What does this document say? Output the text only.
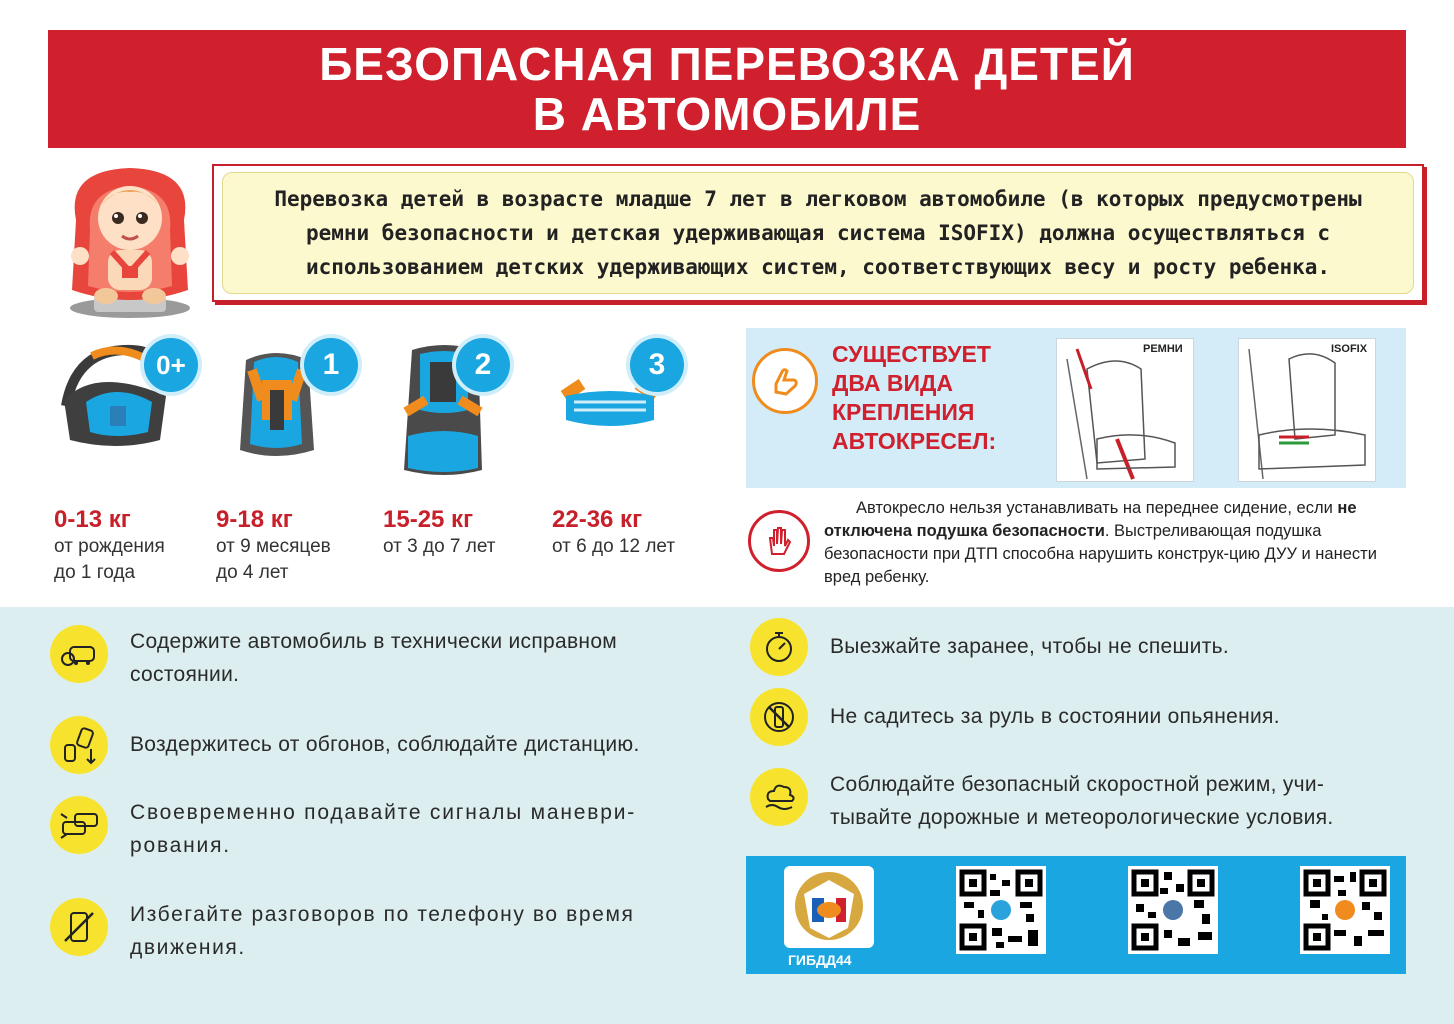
БЕЗОПАСНАЯ ПЕРЕВОЗКА ДЕТЕЙ
В АВТОМОБИЛЕ
Перевозка детей в возрасте младше 7 лет в легковом автомобиле (в которых предусмотрены
ремни безопасности и детская удерживающая система ISOFIX) должна осуществляться с
использованием детских удерживающих систем, соответствующих весу и росту ребенка.
0+
0-13 кг
от рождения
до 1 года
1
9-18 кг
от 9 месяцев
до 4 лет
2
15-25 кг
от 3 до 7 лет
3
22-36 кг
от 6 до 12 лет
СУЩЕСТВУЕТ
ДВА ВИДА
КРЕПЛЕНИЯ
АВТОКРЕСЕЛ:
РЕМНИ	ISOFIX
Автокресло нельзя устанавливать на переднее сидение, если не отключена подушка безопасности. Выстреливающая подушка безопасности при ДТП способна нарушить конструк-цию ДУУ и нанести вред ребенку.
Содержите автомобиль в технически исправном
состоянии.
Воздержитесь от обгонов, соблюдайте дистанцию.
Своевременно подавайте сигналы маневри-
рования.
Избегайте разговоров по телефону во время
движения.
Выезжайте заранее, чтобы не спешить.
Не садитесь за руль в состоянии опьянения.
Соблюдайте безопасный скоростной режим, учи-
тывайте дорожные и метеорологические условия.
ГИБДД44
